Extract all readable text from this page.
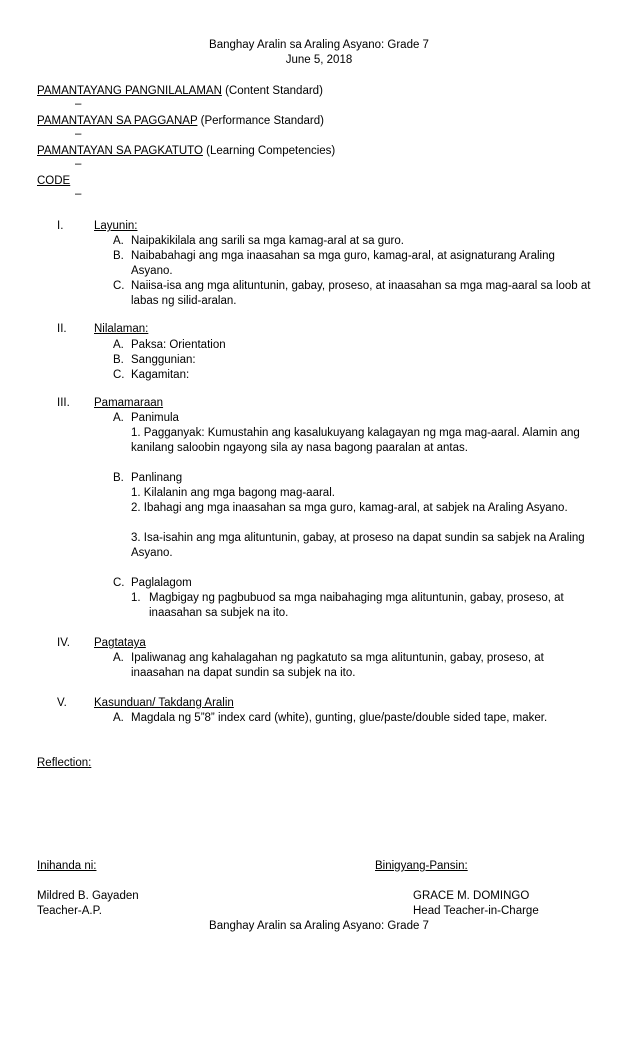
Banghay Aralin sa Araling Asyano: Grade 7
June 5, 2018
PAMANTAYANG PANGNILALAMAN (Content Standard)
–
PAMANTAYAN SA PAGGANAP (Performance Standard)
–
PAMANTAYAN SA PAGKATUTO (Learning Competencies)
–
CODE
–
I.	Layunin:
A. Naipakikilala ang sarili sa mga kamag-aral at sa guro.
B. Naibabahagi ang mga inaasahan sa mga guro, kamag-aral, at asignaturang Araling Asyano.
C. Naiisa-isa ang mga alituntunin, gabay, proseso, at inaasahan sa mga mag-aaral sa loob at labas ng silid-aralan.
II. Nilalaman:
A. Paksa: Orientation
B. Sanggunian:
C. Kagamitan:
III. Pamamaraan
A. Panimula
1. Pagganyak: Kumustahin ang kasalukuyang kalagayan ng mga mag-aaral. Alamin ang kanilang saloobin ngayong sila ay nasa bagong paaralan at antas.
B. Panlinang
1. Kilalanin ang mga bagong mag-aaral.
2. Ibahagi ang mga inaasahan sa mga guro, kamag-aral, at sabjek na Araling Asyano.
3. Isa-isahin ang mga alituntunin, gabay, at proseso na dapat sundin sa sabjek na Araling Asyano.
C. Paglalagom
1. Magbigay ng pagbubuod sa mga naibahaging mga alituntunin, gabay, proseso, at inaasahan sa subjek na ito.
IV. Pagtataya
A. Ipaliwanag ang kahalagahan ng pagkatuto sa mga alituntunin, gabay, proseso, at inaasahan na dapat sundin sa subjek na ito.
V. Kasunduan/ Takdang Aralin
A. Magdala ng 5”8” index card (white), gunting, glue/paste/double sided tape, maker.
Reflection:
Inihanda ni:	Binigyang-Pansin:
Mildred B. Gayaden	GRACE M. DOMINGO
Teacher-A.P.	Head Teacher-in-Charge
Banghay Aralin sa Araling Asyano: Grade 7
